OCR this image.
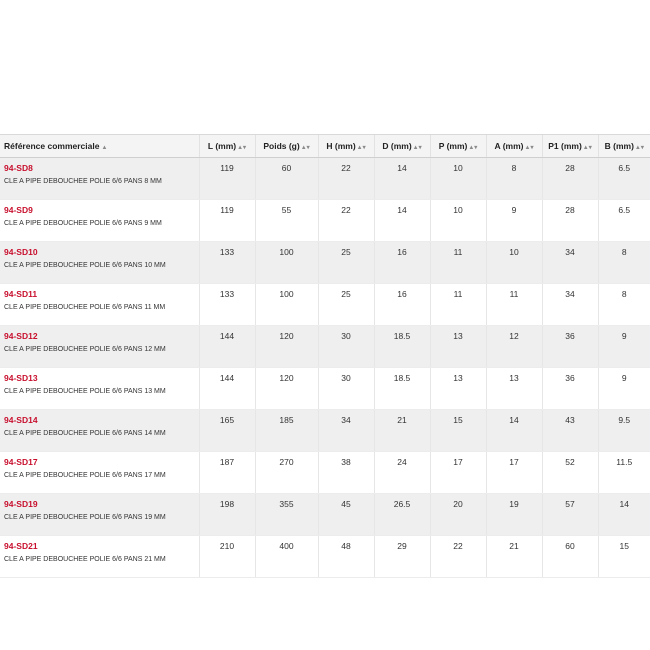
Référence commerciale ▲	L (mm)▲▾	Poids (g)▲▾	H (mm)▲▾	D (mm)▲▾	P (mm)▲▾	A (mm)▲▾	P1 (mm)▲▾	B (mm)▲▾

94-SD8
CLE A PIPE DEBOUCHEE POLIE 6/6 PANS 8 MM	119	60	22	14	10	8	28	6.5

94-SD9
CLE A PIPE DEBOUCHEE POLIE 6/6 PANS 9 MM	119	55	22	14	10	9	28	6.5

94-SD10
CLE A PIPE DEBOUCHEE POLIE 6/6 PANS 10 MM	133	100	25	16	11	10	34	8

94-SD11
CLE A PIPE DEBOUCHEE POLIE 6/6 PANS 11 MM	133	100	25	16	11	11	34	8

94-SD12
CLE A PIPE DEBOUCHEE POLIE 6/6 PANS 12 MM	144	120	30	18.5	13	12	36	9

94-SD13
CLE A PIPE DEBOUCHEE POLIE 6/6 PANS 13 MM	144	120	30	18.5	13	13	36	9

94-SD14
CLE A PIPE DEBOUCHEE POLIE 6/6 PANS 14 MM	165	185	34	21	15	14	43	9.5

94-SD17
CLE A PIPE DEBOUCHEE POLIE 6/6 PANS 17 MM	187	270	38	24	17	17	52	11.5

94-SD19
CLE A PIPE DEBOUCHEE POLIE 6/6 PANS 19 MM	198	355	45	26.5	20	19	57	14

94-SD21
CLE A PIPE DEBOUCHEE POLIE 6/6 PANS 21 MM	210	400	48	29	22	21	60	15
